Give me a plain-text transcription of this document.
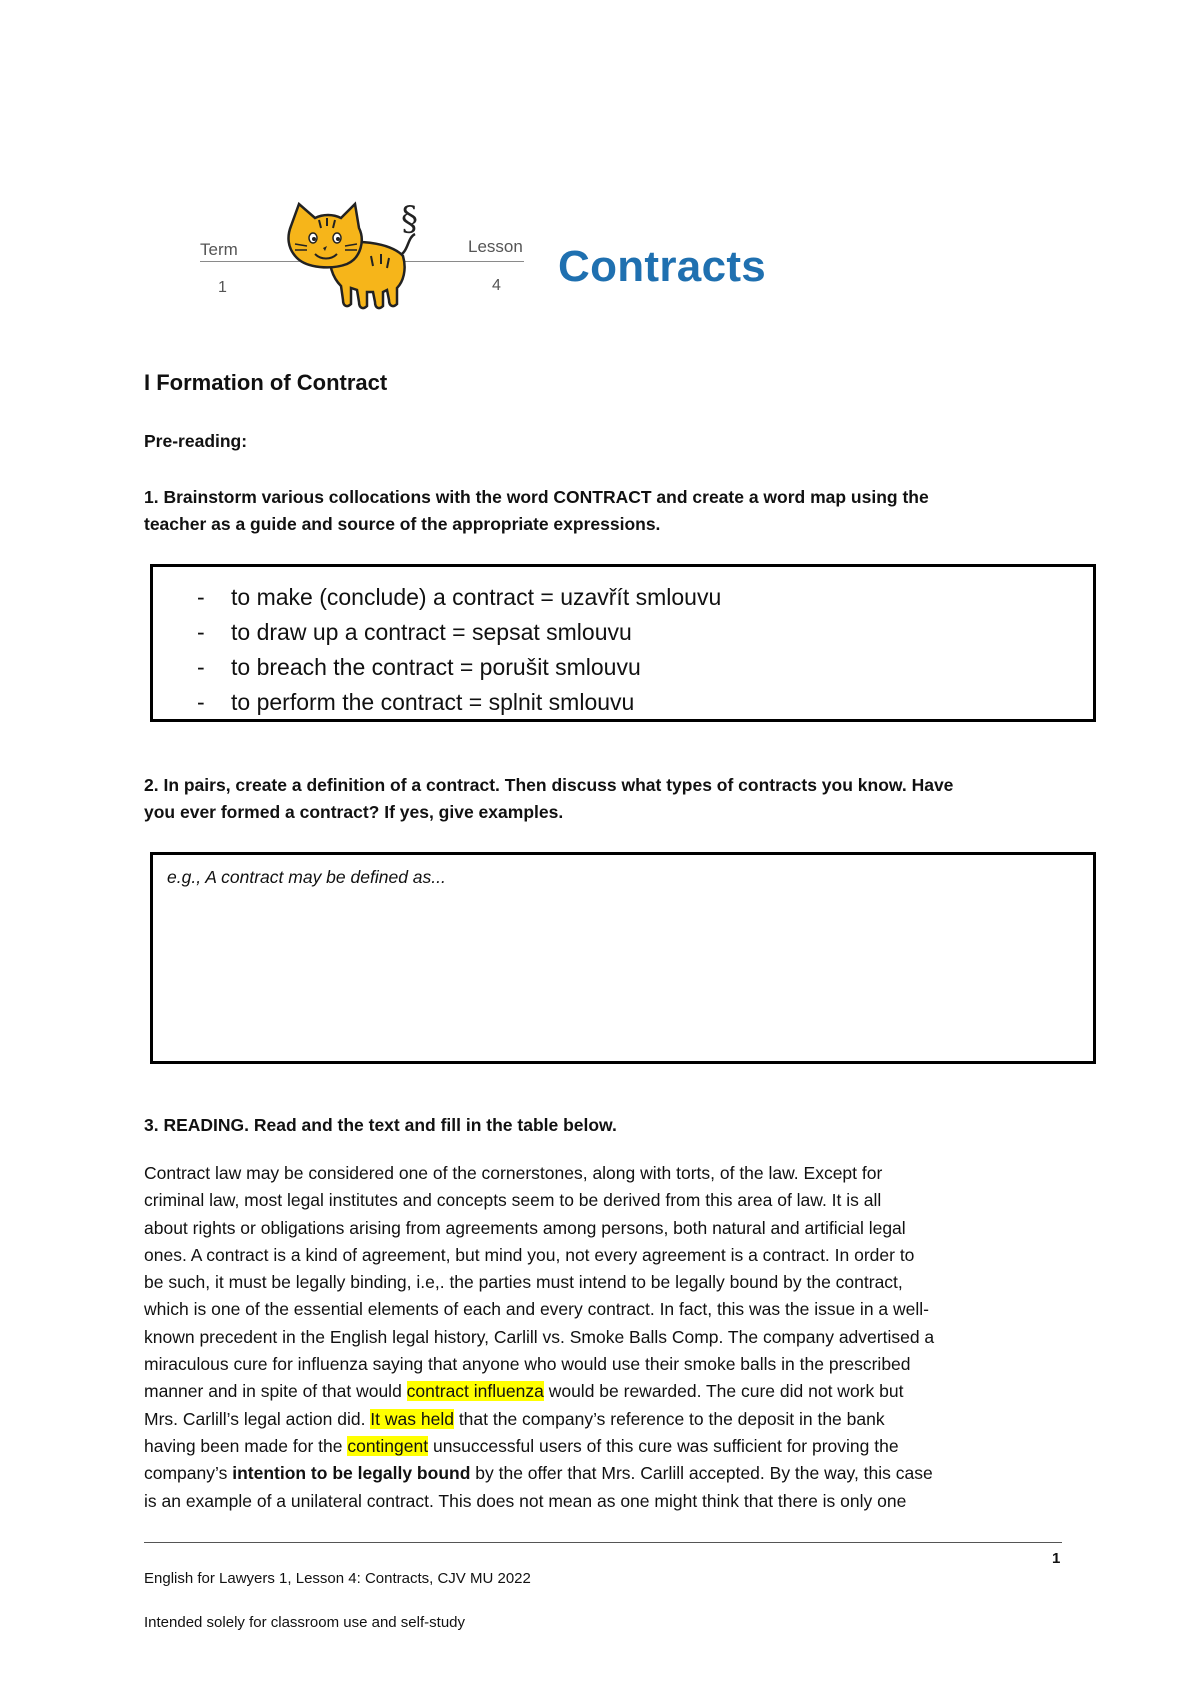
Term
1
Lesson
4
§
Contracts
I Formation of Contract
Pre-reading:
1. Brainstorm various collocations with the word CONTRACT and create a word map using the
teacher as a guide and source of the appropriate expressions.
- to make (conclude) a contract = uzavřít smlouvu
- to draw up a contract = sepsat smlouvu
- to breach the contract = porušit smlouvu
- to perform the contract = splnit smlouvu
2. In pairs, create a definition of a contract. Then discuss what types of contracts you know. Have
you ever formed a contract? If yes, give examples.
e.g., A contract may be defined as...
3. READING. Read and the text and fill in the table below.
Contract law may be considered one of the cornerstones, along with torts, of the law. Except for
criminal law, most legal institutes and concepts seem to be derived from this area of law. It is all
about rights or obligations arising from agreements among persons, both natural and artificial legal
ones. A contract is a kind of agreement, but mind you, not every agreement is a contract. In order to
be such, it must be legally binding, i.e,. the parties must intend to be legally bound by the contract,
which is one of the essential elements of each and every contract. In fact, this was the issue in a well-
known precedent in the English legal history, Carlill vs. Smoke Balls Comp. The company advertised a
miraculous cure for influenza saying that anyone who would use their smoke balls in the prescribed
manner and in spite of that would contract influenza would be rewarded. The cure did not work but
Mrs. Carlill’s legal action did. It was held that the company’s reference to the deposit in the bank
having been made for the contingent unsuccessful users of this cure was sufficient for proving the
company’s intention to be legally bound by the offer that Mrs. Carlill accepted. By the way, this case
is an example of a unilateral contract. This does not mean as one might think that there is only one
1
English for Lawyers 1, Lesson 4: Contracts, CJV MU 2022
Intended solely for classroom use and self-study
